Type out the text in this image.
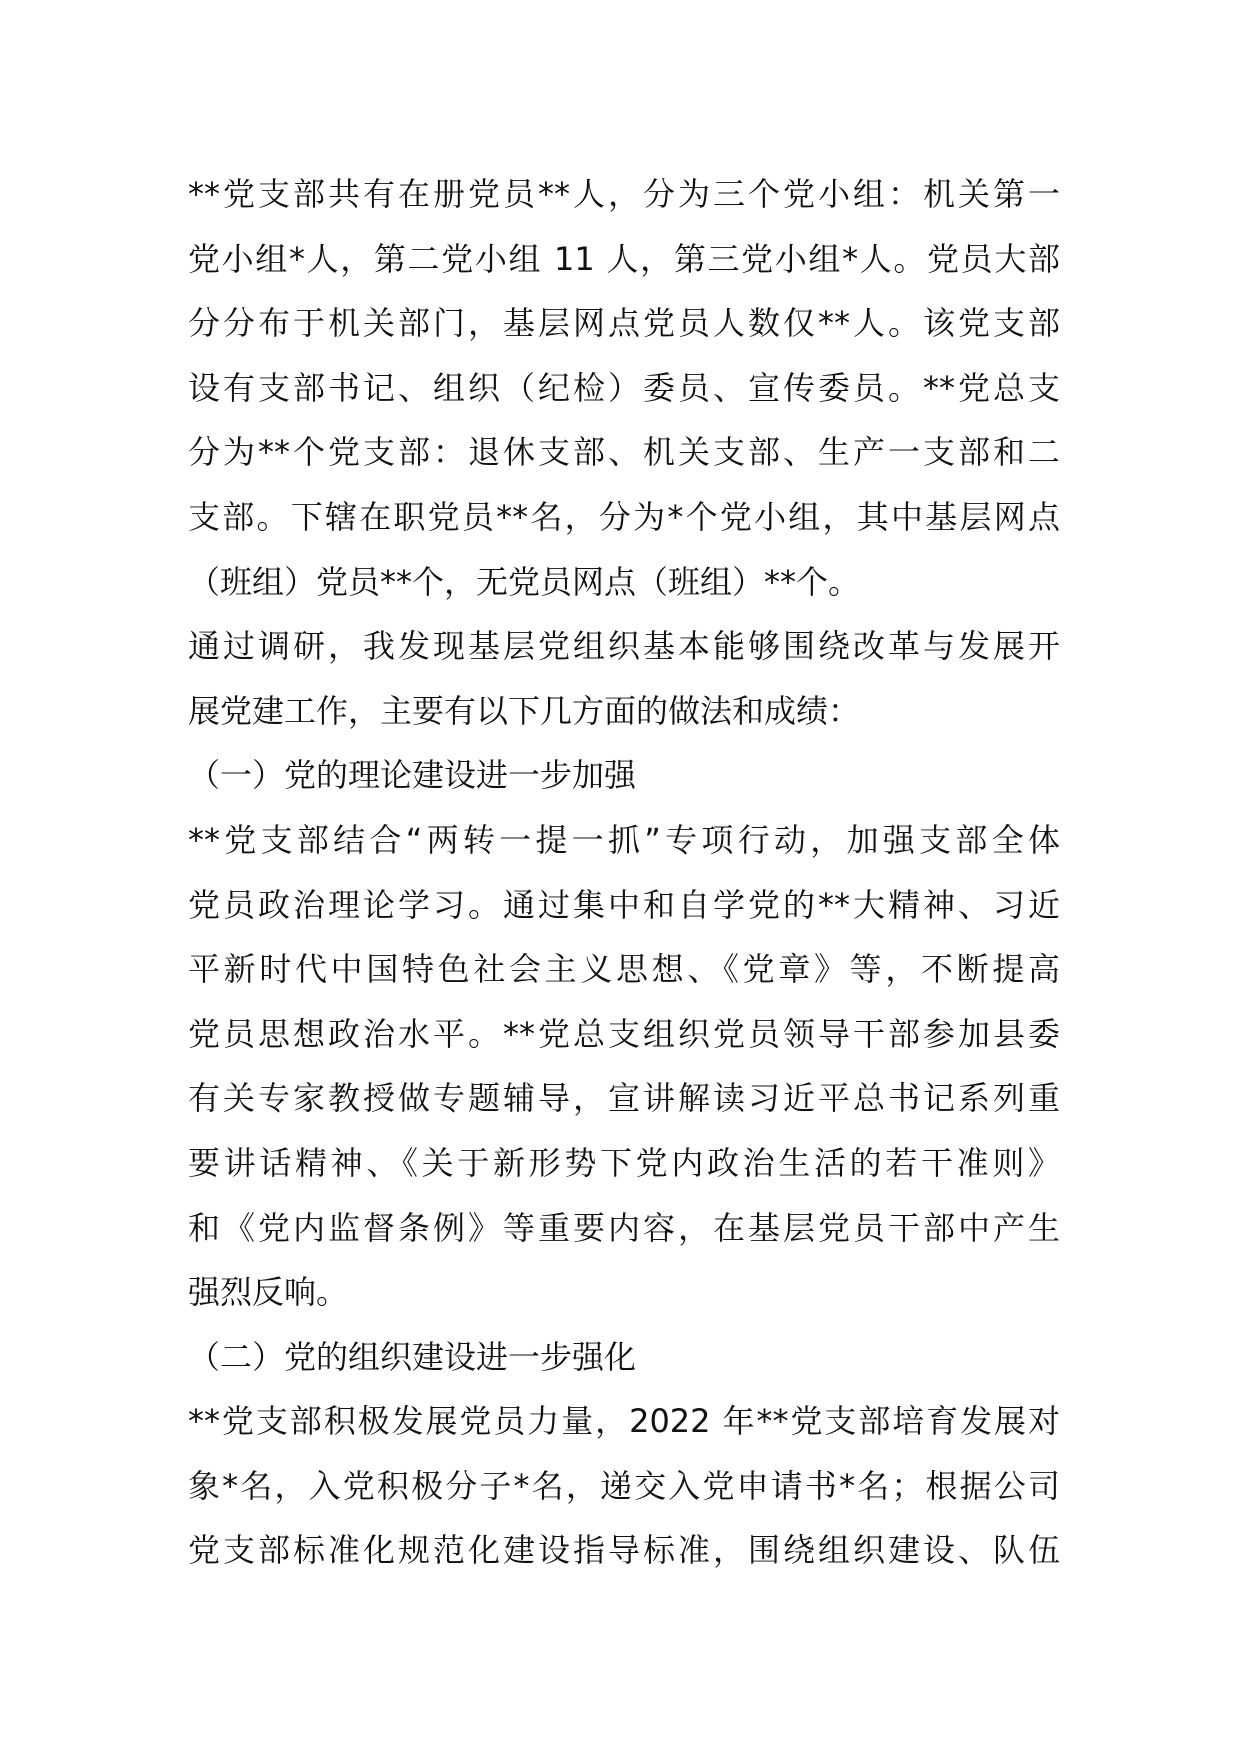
**党支部共有在册党员**人，分为三个党小组：机关第一
党小组*人，第二党小组 11 人，第三党小组*人。党员大部
分分布于机关部门，基层网点党员人数仅**人。该党支部
设有支部书记、组织（纪检）委员、宣传委员。**党总支
分为**个党支部：退休支部、机关支部、生产一支部和二
支部。下辖在职党员**名，分为*个党小组，其中基层网点
（班组）党员**个，无党员网点（班组）**个。
通过调研，我发现基层党组织基本能够围绕改革与发展开
展党建工作，主要有以下几方面的做法和成绩：
（一）党的理论建设进一步加强
**党支部结合“两转一提一抓”专项行动，加强支部全体
党员政治理论学习。通过集中和自学党的**大精神、习近
平新时代中国特色社会主义思想、《党章》等，不断提高
党员思想政治水平。**党总支组织党员领导干部参加县委
有关专家教授做专题辅导，宣讲解读习近平总书记系列重
要讲话精神、《关于新形势下党内政治生活的若干准则》
和《党内监督条例》等重要内容，在基层党员干部中产生
强烈反响。
（二）党的组织建设进一步强化
**党支部积极发展党员力量，2022 年**党支部培育发展对
象*名，入党积极分子*名，递交入党申请书*名；根据公司
党支部标准化规范化建设指导标准，围绕组织建设、队伍
